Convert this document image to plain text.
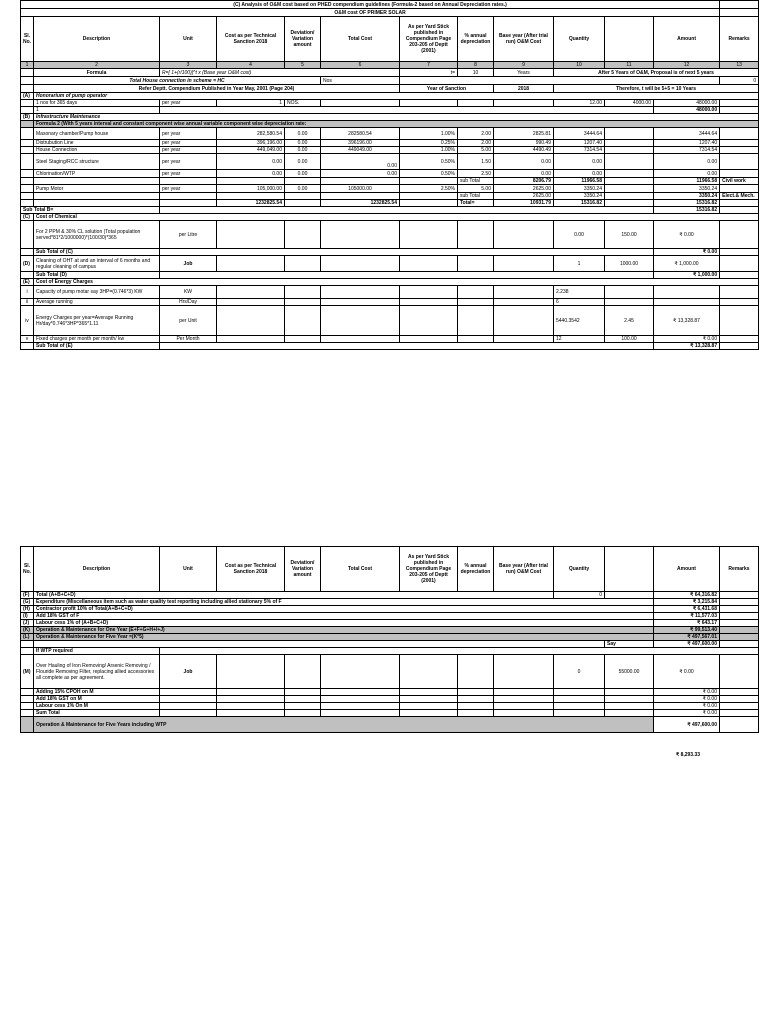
(C) Analysis of O&M cost based on PHED compendium guidelines (Formula-2 based on Annual Depreciation rates.)												
O&M cost OF PRIMER SOLAR												
Sl. No.	Description	Unit	Cost as per Technical Sanction 2018	Deviation/ Variation amount	Total Cost	As per Yard Stick published in Compendium Page 203-205 of Deptt (2001)	% annual depreciation	Base year (After trial run) O&M Cost	Quantity		Amount	Remarks
1	2	3	4	5	6	7	8	9	10	11	12	13
	Formula	R=[ 1+(r/100)]^t x (Base year O&M cost)				t=	10	Years	After 5 Years of O&M, Proposal is of next 5 years			
	Total House connection in scheme = HC				Nos							0
	Refer Deptt. Compendium Published in Year May, 2001 (Page 204)					Year of Sanction		2018	Therefore, t will be 5+5 = 10 Years			
(A)	Honorarium of pump operator											
	1 nos for 365 days	per year	1	NOS.					12.00	4000.00	48000.00	
	1										48000.00	
(B)	Infrastructure Maintenance											
	Formula 2 (With 5 years interval and constant component wise annual variable component wise depreciation rate:											
	Masonary chamber/Pump house	per year	282,580.54	0.00	282580.54	1.00%	2.00	2825.81	3444.64		3444.64	
	Distrubution Line	per year	396,196.00	0.00	396196.00	0.25%	2.00	990.49	1207.40		1207.40	
	House Connection	per year	449,049.00	0.00	449049.00	1.00%	5.00	4490.49	7314.54		7314.54	
	Steel Staging/RCC structure	per year	0.00	0.00	0.00	0.50%	1.50	0.00	0.00		0.00	
	Chlorination/WTP	per year	0.00	0.00	0.00	0.50%	2.50	0.00	0.00		0.00	
							sub Total	8206.79	11966.58		11966.58	Civil work
	Pump Motor	per year	105,000.00	0.00	105000.00	2.50%	5.00	2625.00	3350.24		3350.24	
							sub Total	2625.00	3350.24		3350.24	Elect.& Mech.
			1232825.54		1232825.54		Total=	10931.79	15316.82		15316.82	
Sub Total B=											15316.82	
(C)	Cost of Chemical											
	For 2 PPM & 30% CL solution (Total population served*81*2/1000000)*(100/30)*365	per Litre							0.00	150.00	₹ 0.00	
	Sub Total of (C)										₹ 0.00	
(D)	Cleaning of OHT at and an interval of 6 months and regular cleaning of campus	Job							1	1000.00	₹ 1,000.00	
	Sub Total (D)										₹ 1,000.00	
(E)	Cost of Energy Charges											
i	Capacity of pump motar say 3HP=(0.746*3) KW	KW							2.238			
ii	Average running	Hrs/Day							6			
iv	Energy Charges per year=Average Running Hr/day*0.746*3HP*365*1.11	per Unit							5440.3542	2.45	₹ 13,328.87	
v	Fixed charges per month per month/ kw	Per Month							12	100.00	₹ 0.00	
	Sub Total of (E)										₹ 13,328.87	
Sl. No.	Description	Unit	Cost as per Technical Sanction 2018	Deviation/ Variation amount	Total Cost	As per Yard Stick published in Compendium Page 203-205 of Deptt (2001)	% annual depreciation	Base year (After trial run) O&M Cost	Quantity		Amount	Remarks
(F)	Total (A+B+C+D)								0		₹ 64,316.82	
(G)	Expenditure (Miscellaneous item such as water quality test reporting including allied stationary 5% of F										₹ 3,215.84	
(H)	Contractor profit 10% of Total(A+B+C+D)										₹ 6,431.68	
(I)	Add 18% GST of F										₹ 11,577.03	
(J)	Labour cess 1% of (A+B+C+D)										₹ 643.17	
(K)	Operation & Maintenance for One Year (E+F+G+H+I+J)										₹ 99,513.40	
(L)	Operation & Maintenance for Five Year =(K*5)										₹ 497,567.01	
										Say	₹ 497,600.00	
	If WTP required											
(M)	Over Hauling of Iron Removing/ Arsenic Removing / Flouride Removing Filter, replacing allied accessories all complete as per agreement.	Job							0	55000.00	₹ 0.00	
	Adding 15% CPOH on M										₹ 0.00	
	Add 18% GST on M										₹ 0.00	
	Labour cess 1% On M										₹ 0.00	
	Sum Total										₹ 0.00	
	Operation & Maintenance for Five Years including WTP										₹ 497,600.00	
₹ 8,293.33
